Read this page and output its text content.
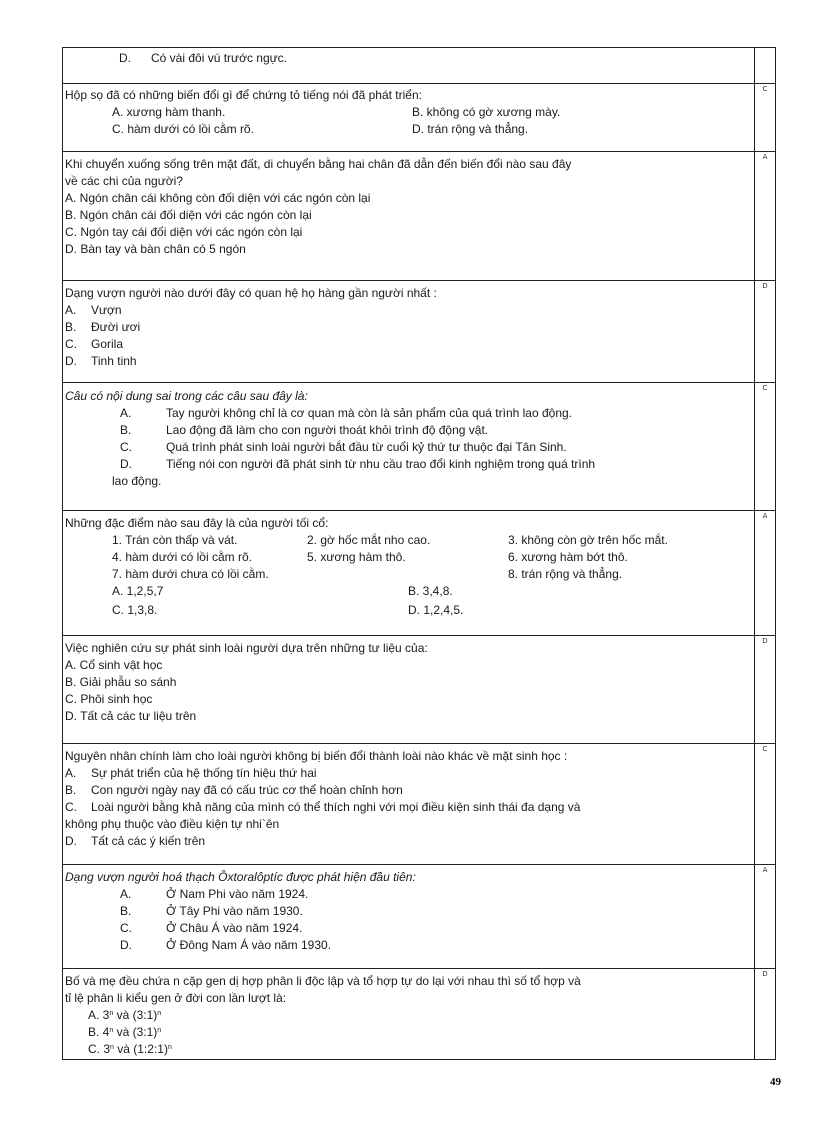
D.      Có vài đôi vú trước ngực.
Hộp sọ đã có những biến đổi gì để chứng tỏ tiếng nói đã phát triển:
A. xương hàm thanh.	B. không có gờ xương mày.
C. hàm dưới có lồi cằm rõ.	D. trán rộng và thẳng.
C
Khi chuyển xuống sống trên mặt đất, di chuyển bằng hai chân đã dẫn đến biến đổi nào sau đây
về các chi của người?
A. Ngón chân cái không còn đối diện với các ngón còn lại
B. Ngón chân cái đối diện với các ngón còn lại
C. Ngón tay cái đối diện với các ngón còn lại
D. Bàn tay và bàn chân có 5 ngón
A
Dạng vượn người nào dưới đây có quan hệ họ hàng gần người nhất :
A. Vượn
B. Đười ươi
C. Gorila
D. Tinh tinh
D
Câu có nội dung sai trong các câu sau đây là:
A.	Tay người không chỉ là cơ quan mà còn là sản phẩm của quá trình lao động.
B.	Lao động đã làm cho con người thoát khỏi trình độ động vật.
C.	Quá trình phát sinh loài người bắt đầu từ cuối kỷ thứ tư thuộc đại Tân Sinh.
D.	Tiếng nói con người đã phát sinh từ nhu cầu trao đổi kinh nghiệm trong quá trình
lao động.
C
Những đặc điểm nào sau đây là của người tối cổ:
1. Trán còn thấp và vát.	2. gờ hốc mắt nho cao.	3. không còn gờ trên hốc mắt.
4. hàm dưới có lồi cằm rõ.	5. xương hàm thô.	6. xương hàm bớt thô.
7. hàm dưới chưa có lồi cằm.	8. trán rộng và thẳng.
A. 1,2,5,7	B. 3,4,8.
C. 1,3,8.	D. 1,2,4,5.
A
Việc nghiên cứu sự phát sinh loài người dựa trên những tư liệu của:
A. Cổ sinh vật học
B. Giải phẫu so sánh
C. Phôi sinh học
D. Tất cả các tư liệu trên
D
Nguyên nhân chính làm cho loài người không bị biến đổi thành loài nào khác về mặt sinh học :
A. Sự phát triển của hệ thống tín hiệu thứ hai
B. Con người ngày nay đã có cấu trúc cơ thể hoàn chỉnh hơn
C. Loài người bằng khả năng của mình có thể thích nghi với mọi điều kiện sinh thái đa dạng và
không phụ thuộc vào điều kiện tự nhi`ên
D. Tất cả các ý kiến trên
C
Dạng vượn người hoá thạch Ôxtoralôptíc được phát hiện đầu tiên:
A.	Ở Nam Phi vào năm 1924.
B.	Ở Tây Phi vào năm 1930.
C.	Ở Châu Á vào năm 1924.
D.	Ở Đông Nam Á vào năm 1930.
A
Bố và mẹ đều chứa n cặp gen dị hợp phân li độc lập và tổ hợp tự do lại với nhau thì số tổ hợp và
tỉ lệ phân li kiểu gen ở đời con lần lượt là:
A. 3$^n$ và (3:1)$^n$
B. 4$^n$ và (3:1)$^n$
C. 3$^n$ và (1:2:1)$^n$
D
49
